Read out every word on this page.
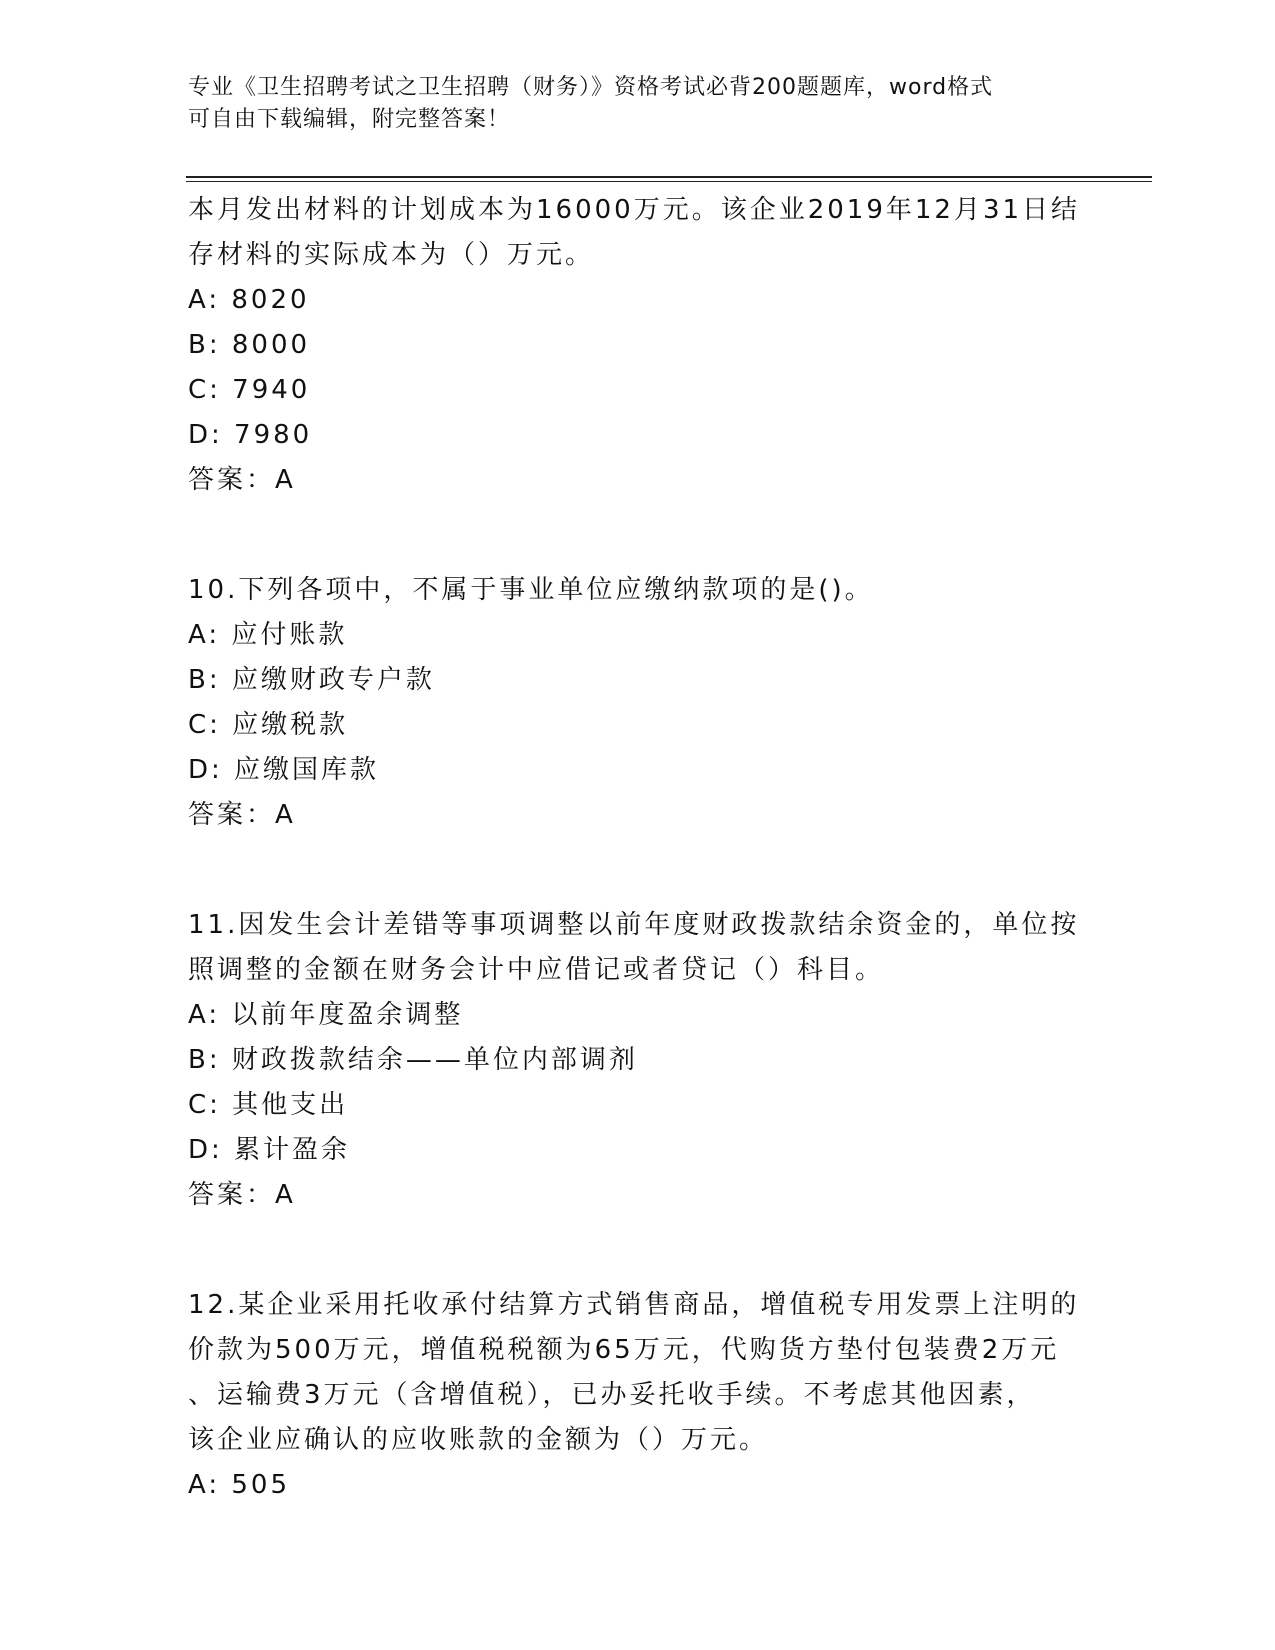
专业《卫生招聘考试之卫生招聘（财务）》资格考试必背200题题库，word格式
可自由下载编辑，附完整答案！

本月发出材料的计划成本为16000万元。该企业2019年12月31日结

存材料的实际成本为（）万元。

A: 8020

B: 8000

C: 7940

D: 7980

答案：A

10.下列各项中，不属于事业单位应缴纳款项的是()。

A: 应付账款

B: 应缴财政专户款

C: 应缴税款

D: 应缴国库款

答案：A

11.因发生会计差错等事项调整以前年度财政拨款结余资金的，单位按

照调整的金额在财务会计中应借记或者贷记（）科目。

A: 以前年度盈余调整

B: 财政拨款结余——单位内部调剂

C: 其他支出

D: 累计盈余

答案：A

12.某企业采用托收承付结算方式销售商品，增值税专用发票上注明的

价款为500万元，增值税税额为65万元，代购货方垫付包装费2万元

、运输费3万元（含增值税），已办妥托收手续。不考虑其他因素，

该企业应确认的应收账款的金额为（）万元。

A: 505
